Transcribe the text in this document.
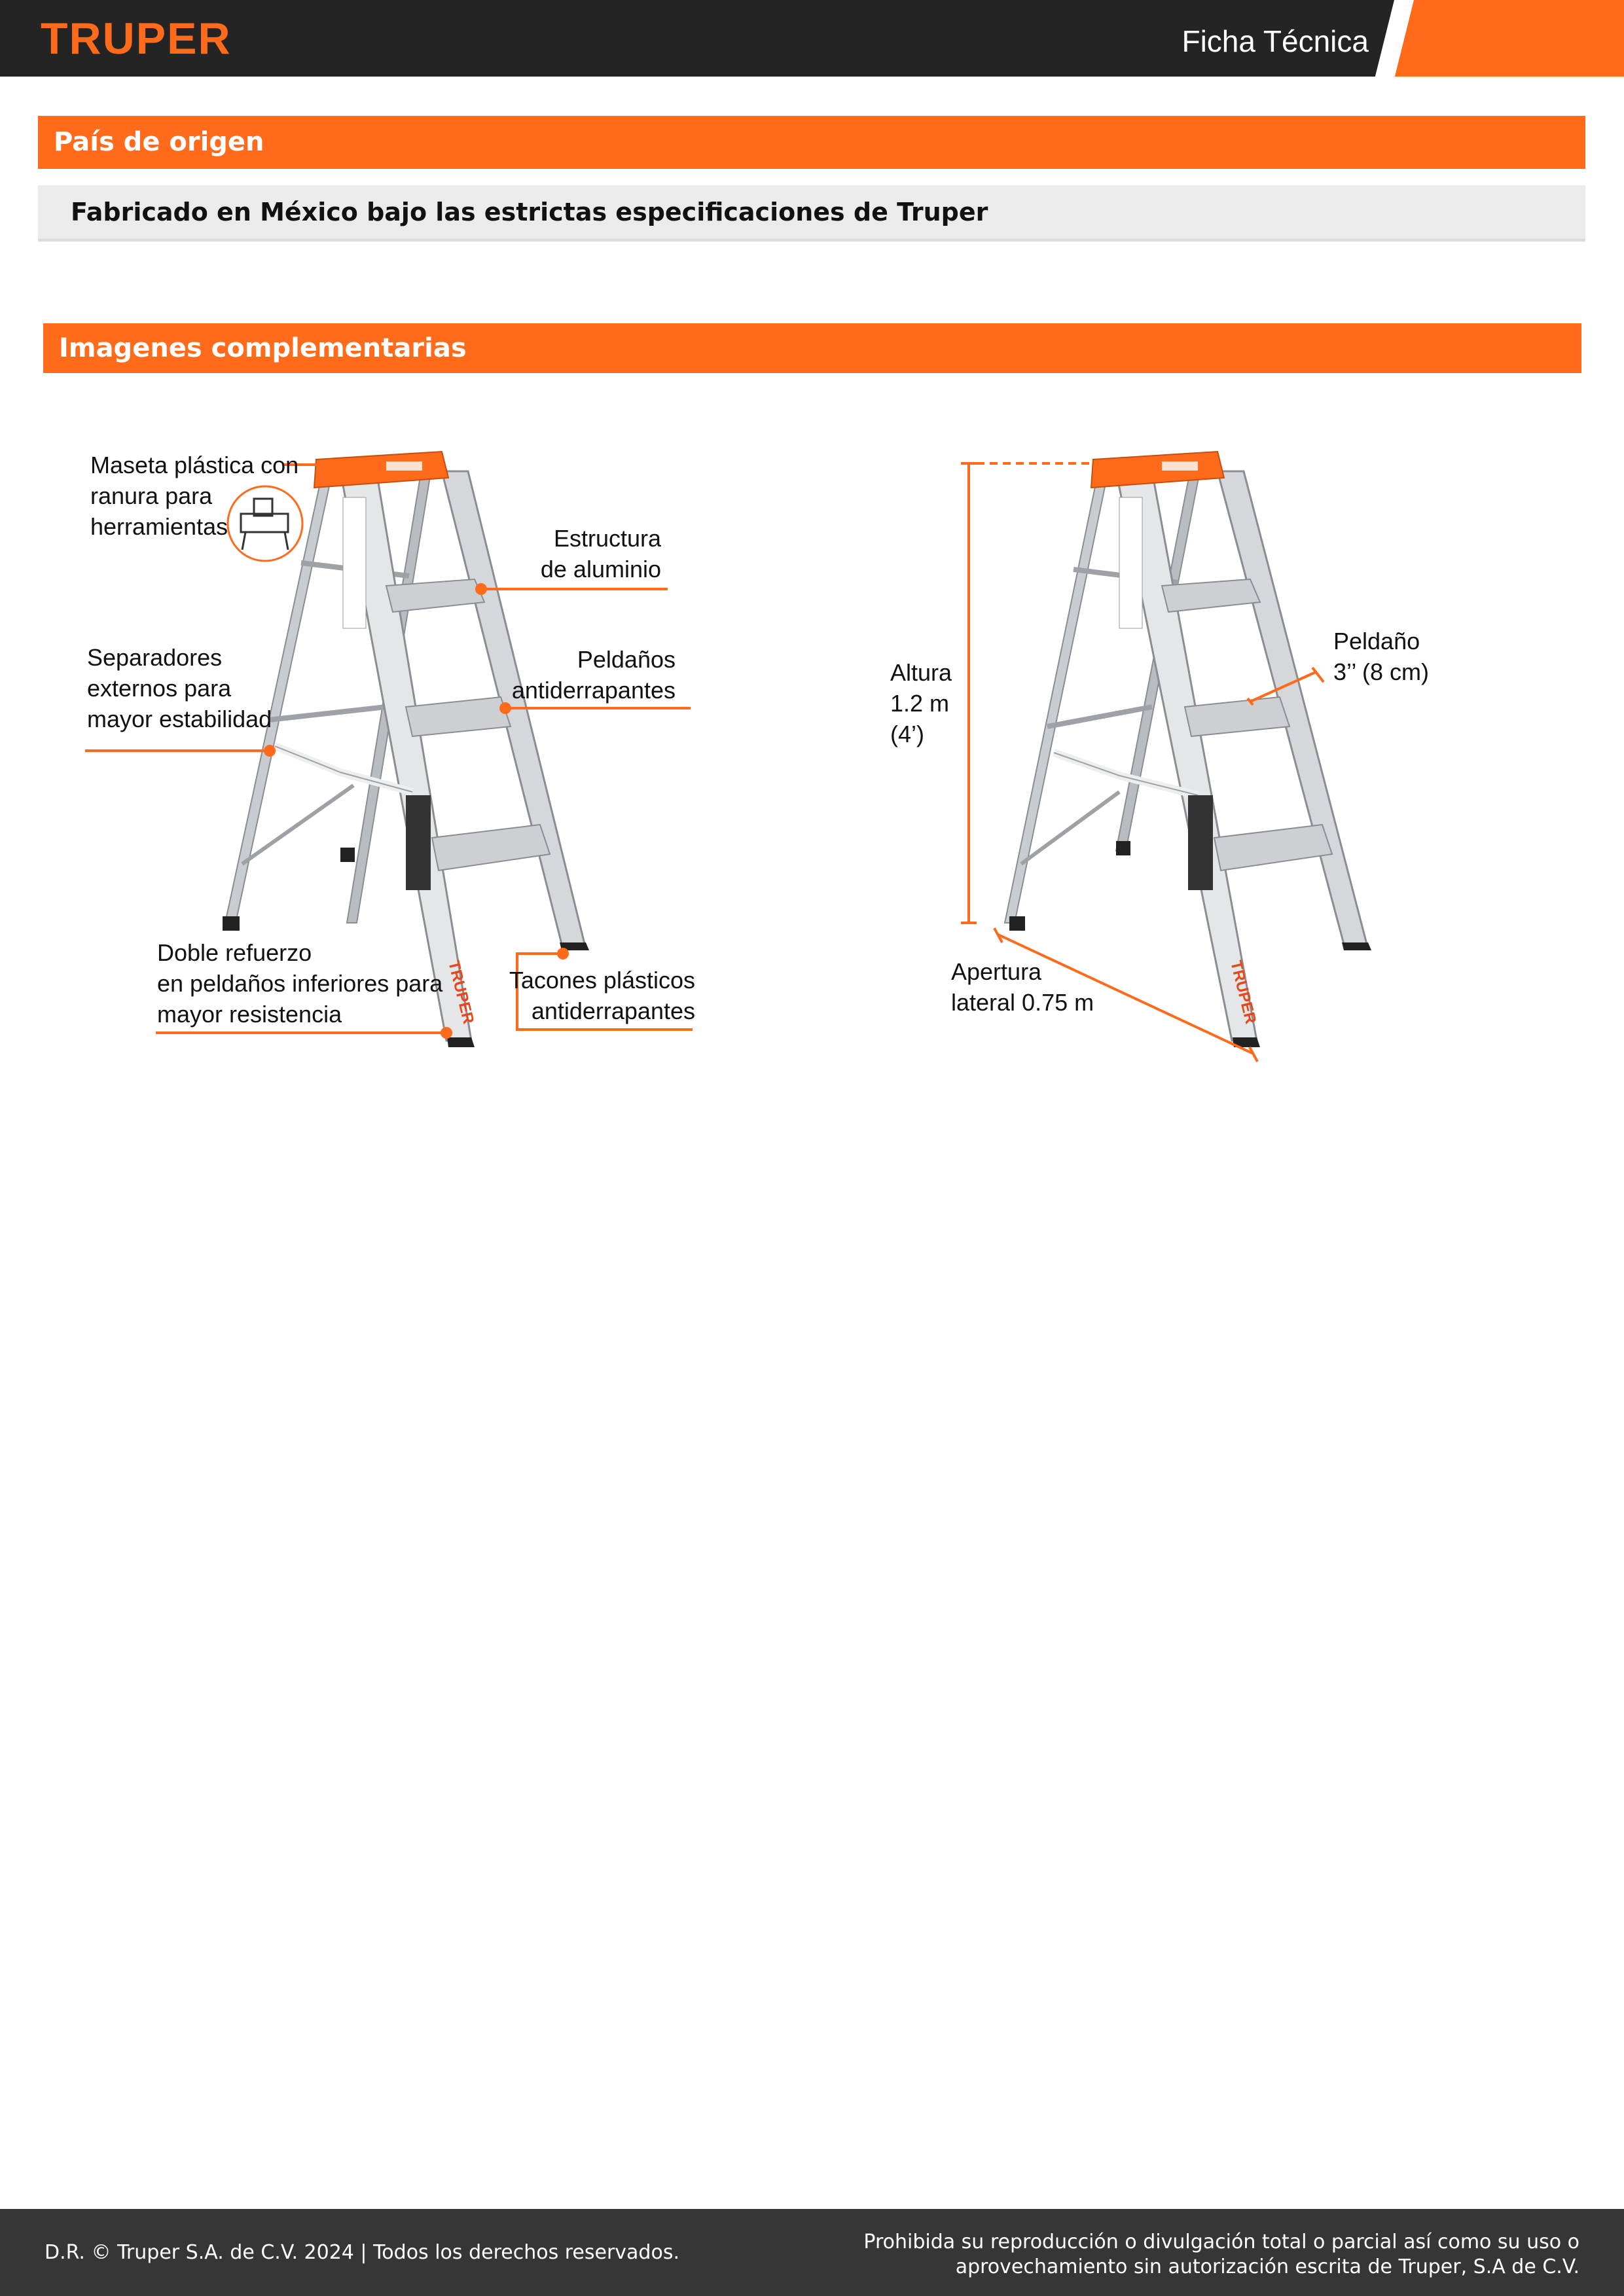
TRUPER	Ficha Técnica
País de origen
Fabricado en México bajo las estrictas especificaciones de Truper
Imagenes complementarias
TRUPER
Maseta plástica con
ranura para
herramientas	Estructura
de aluminio
Peldaños
antiderrapantes
Separadores
externos para
mayor estabilidad
Doble refuerzo
en peldaños inferiores para
mayor resistencia
Tacones plásticos
antiderrapantes	TRUPER
Altura
1.2 m
(4’)
Peldaño
3’’ (8 cm)
Apertura
lateral 0.75 m
D.R. © Truper S.A. de C.V. 2024 | Todos los derechos reservados.	Prohibida su reproducción o divulgación total o parcial así como su uso o
aprovechamiento sin autorización escrita de Truper, S.A de C.V.
